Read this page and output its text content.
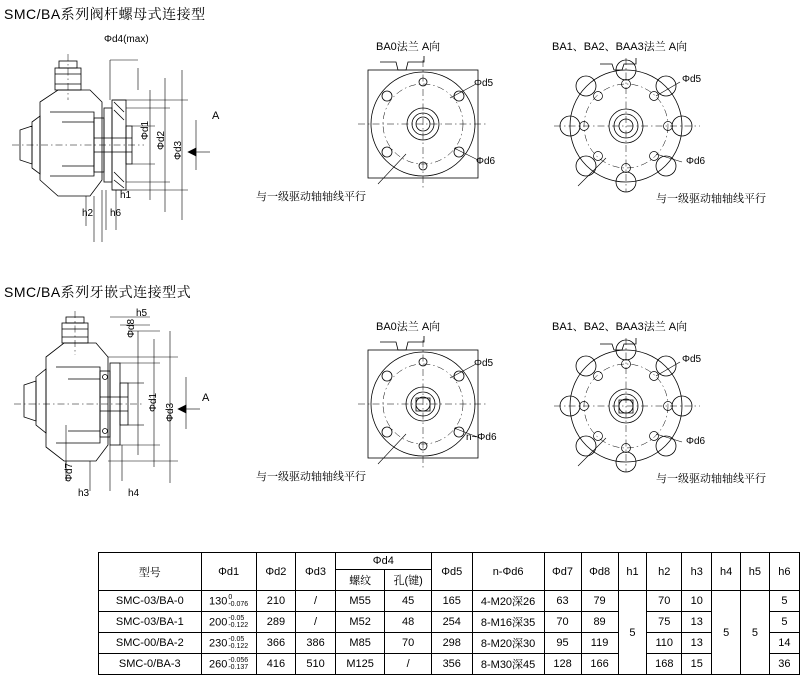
SMC/BA系列阀杆螺母式连接型
Φd4(max)
Φd1
Φd2
Φd3
A
h1
h2 h6
BA0法兰 A向
Φd5
Φd6
与一级驱动轴轴线平行
BA1、BA2、BAA3法兰 A向
Φd5
Φd6
与一级驱动轴轴线平行
SMC/BA系列牙嵌式连接型式
h5
Φd8
Φd1
Φd3
Φd7
A
h3	h4
BA0法兰 A向
Φd5
n~Φd6
与一级驱动轴轴线平行
BA1、BA2、BAA3法兰 A向
Φd5
Φd6
与一级驱动轴轴线平行
型号	Φd1	Φd2	Φd3	Φd4		Φd5	n-Φd6	Φd7	Φd8	h1	h2	h3	h4	h5	h6
				螺纹	孔(键)										
SMC-03/BA-0	130 0
-0.076	210	/	M55	45	165	4-M20深26	63	79	5	70	10	5	5	5
SMC-03/BA-1	200 -0.05
-0.122	289	/	M52	48	254	8-M16深35	70	89		75	13			5
SMC-00/BA-2	230 -0.05
-0.122	366	386	M85	70	298	8-M20深30	95	119		110	13			14
SMC-0/BA-3	260 -0.056
-0.137	416	510	M125	/	356	8-M30深45	128	166		168	15			36
